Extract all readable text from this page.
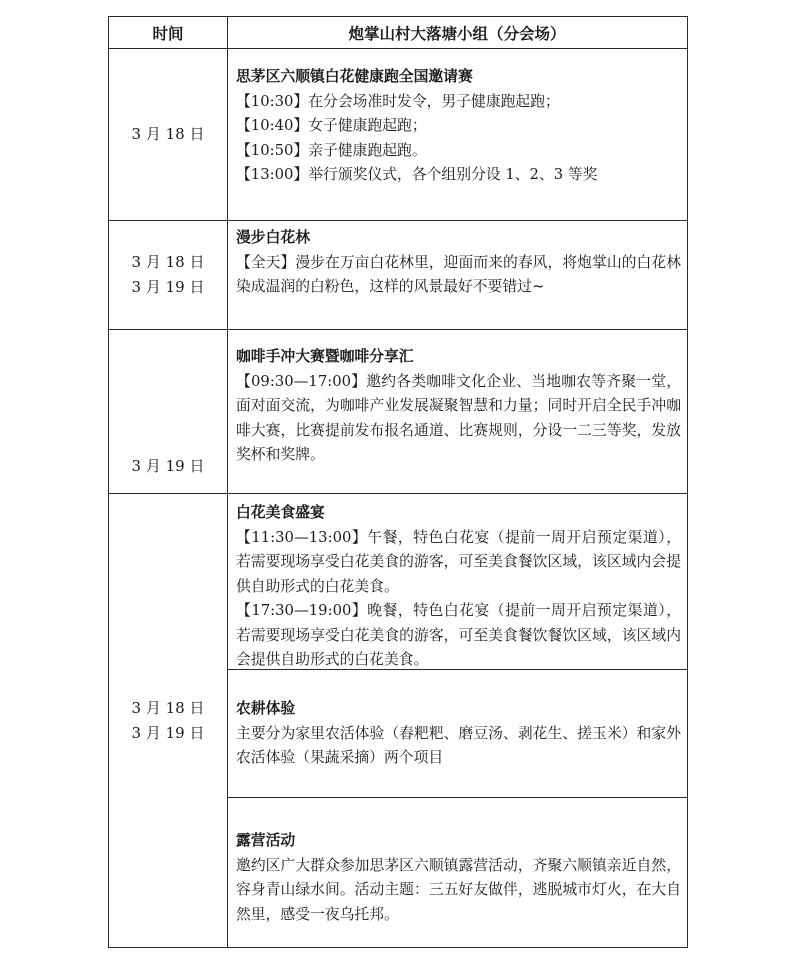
时间	炮掌山村大落塘小组（分会场）
3 月 18 日

思茅区六顺镇白花健康跑全国邀请赛

【10:30】在分会场准时发令，男子健康跑起跑；

【10:40】女子健康跑起跑；

【10:50】亲子健康跑起跑。

【13:00】举行颁奖仪式，各个组别分设 1、2、3 等奖

3 月 18 日
3 月 19 日

漫步白花林

【全天】漫步在万亩白花林里，迎面而来的春风，将炮掌山的白花林染成温润的白粉色，这样的风景最好不要错过~

3 月 19 日

咖啡手冲大赛暨咖啡分享汇

【09:30—17:00】邀约各类咖啡文化企业、当地咖农等齐聚一堂，面对面交流，为咖啡产业发展凝聚智慧和力量；同时开启全民手冲咖啡大赛，比赛提前发布报名通道、比赛规则，分设一二三等奖，发放奖杯和奖牌。

3 月 18 日
3 月 19 日

白花美食盛宴

【11:30—13:00】午餐，特色白花宴（提前一周开启预定渠道），若需要现场享受白花美食的游客，可至美食餐饮区域，该区域内会提供自助形式的白花美食。

【17:30—19:00】晚餐，特色白花宴（提前一周开启预定渠道），若需要现场享受白花美食的游客，可至美食餐饮餐饮区域，该区域内会提供自助形式的白花美食。

农耕体验

主要分为家里农活体验（舂粑粑、磨豆汤、剥花生、搓玉米）和家外农活体验（果蔬采摘）两个项目

露营活动

邀约区广大群众参加思茅区六顺镇露营活动，齐聚六顺镇亲近自然，容身青山绿水间。活动主题：三五好友做伴，逃脱城市灯火，在大自然里，感受一夜乌托邦。
